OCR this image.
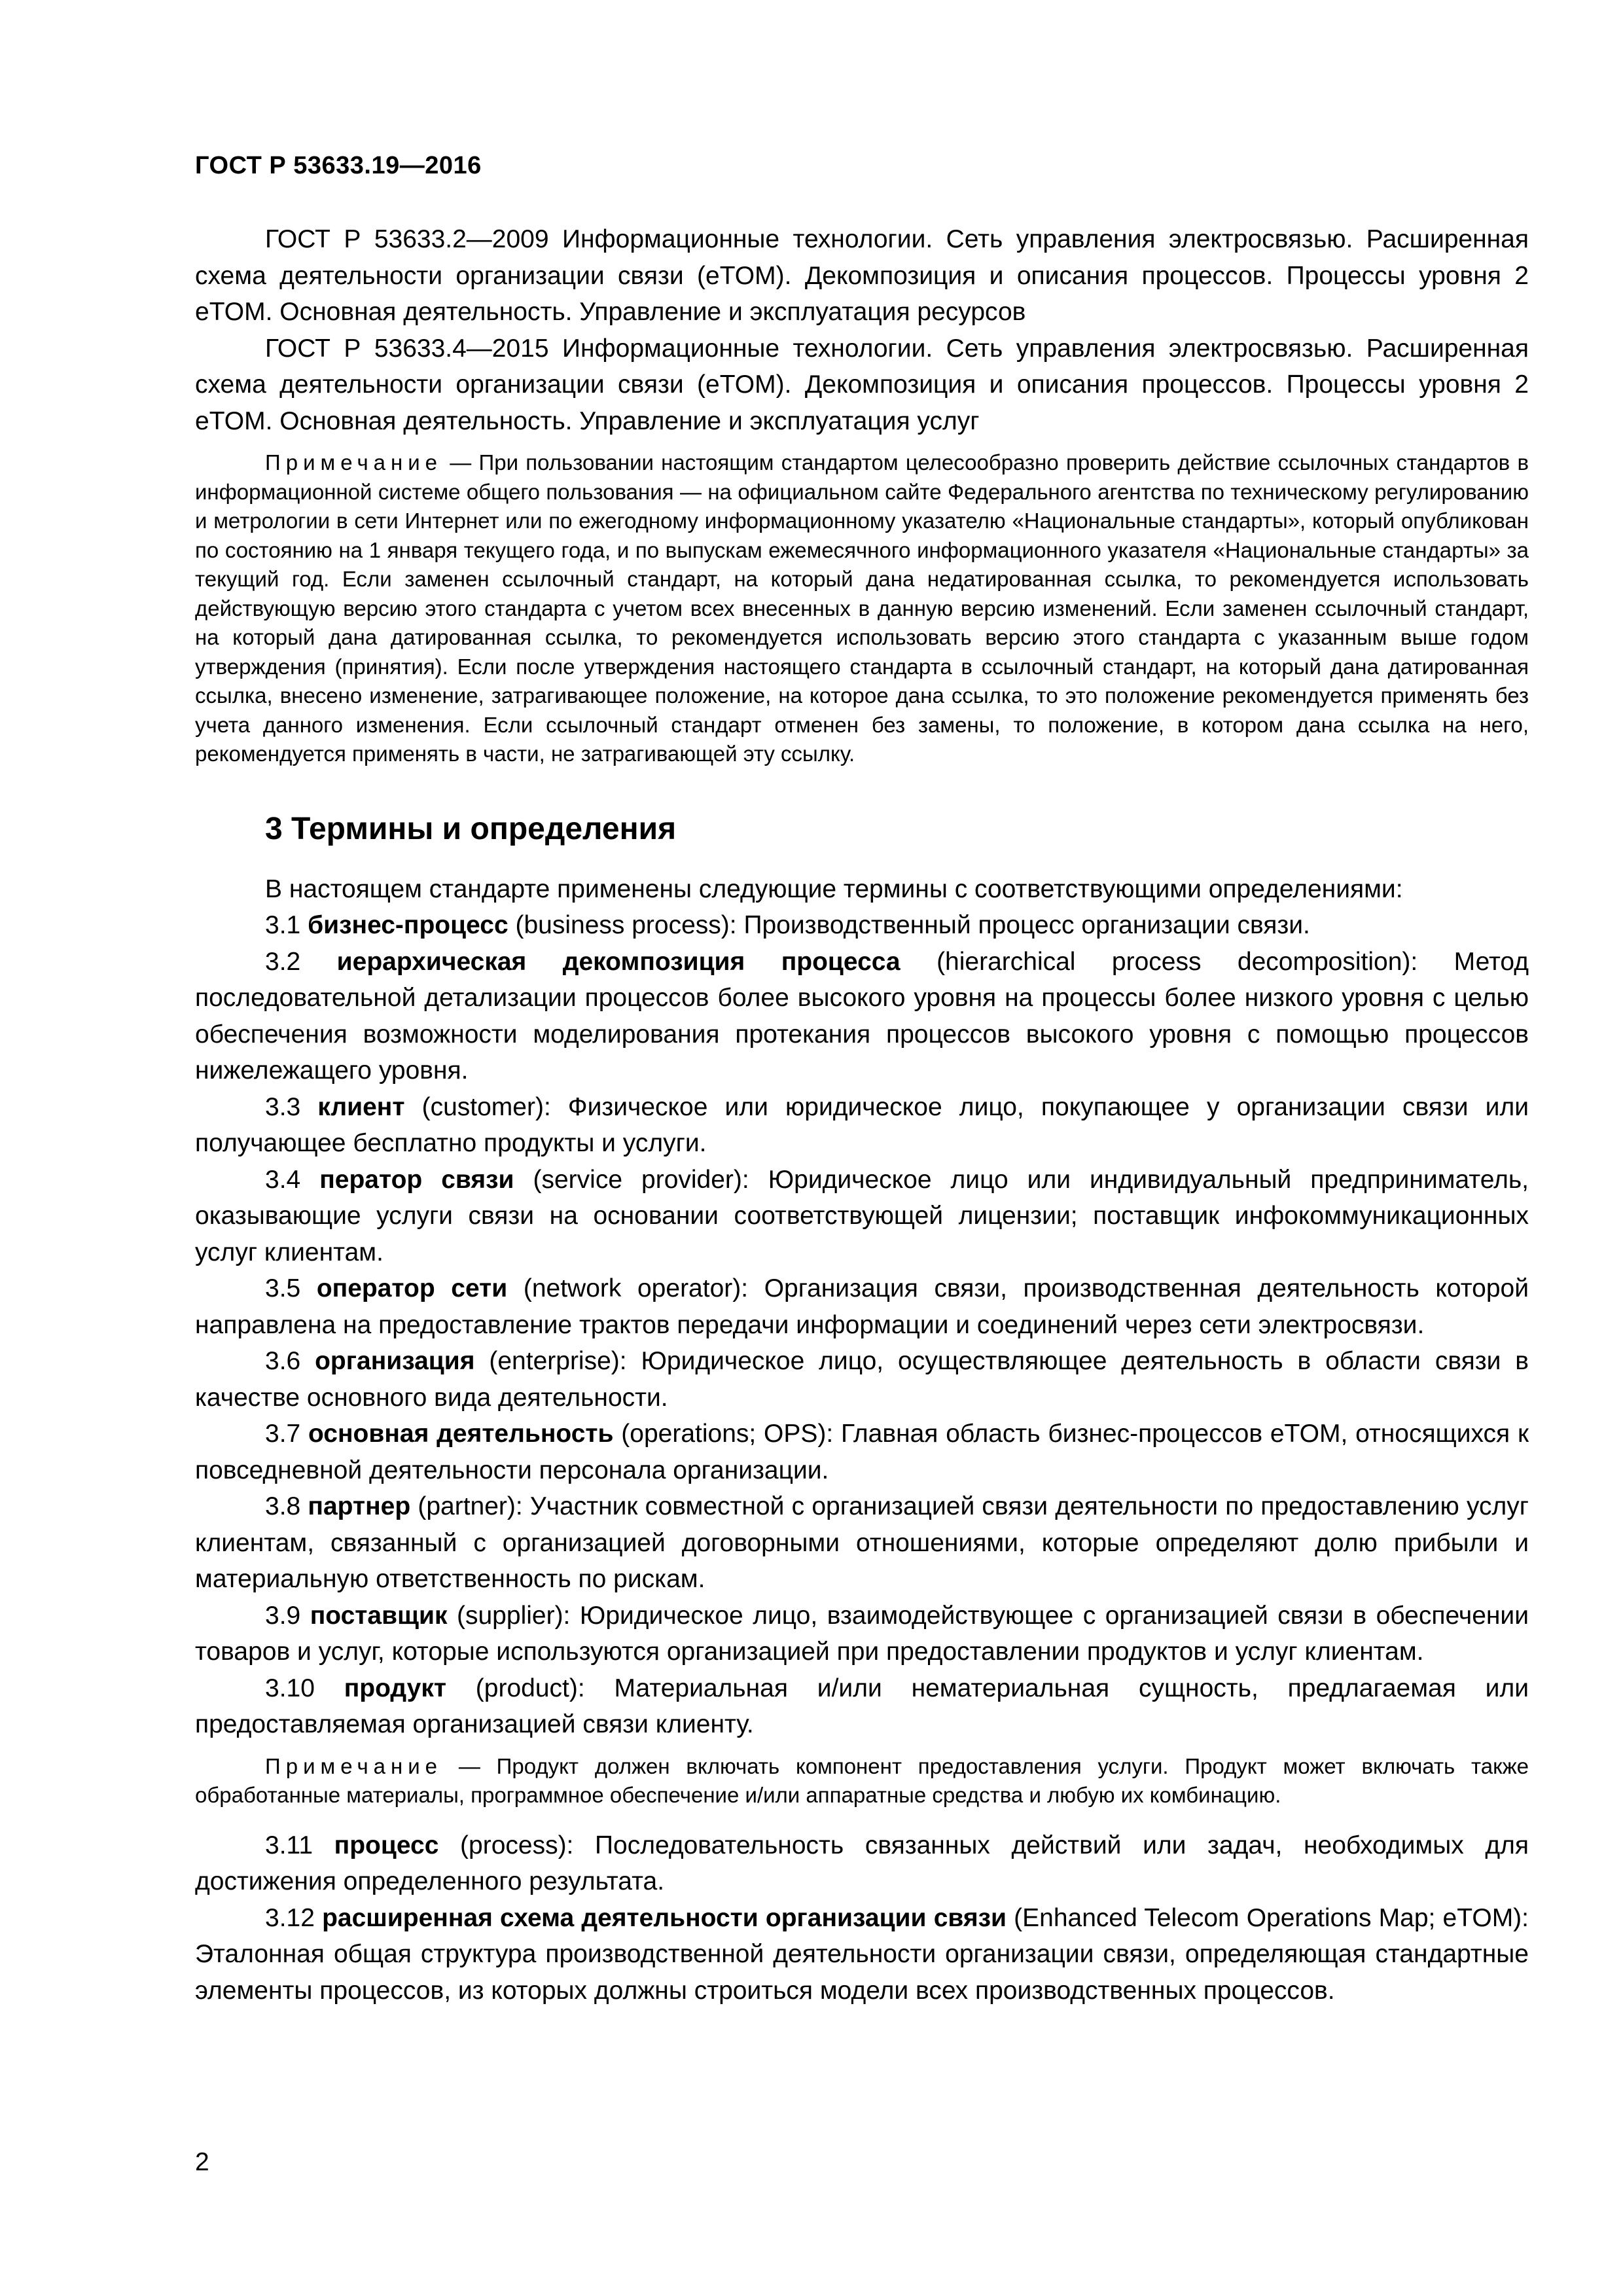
ГОСТ Р 53633.19—2016

ГОСТ Р 53633.2—2009 Информационные технологии. Сеть управления электросвязью. Расширенная схема деятельности организации связи (eTOM). Декомпозиция и описания процессов. Процессы уровня 2 eTOM. Основная деятельность. Управление и эксплуатация ресурсов

ГОСТ Р 53633.4—2015 Информационные технологии. Сеть управления электросвязью. Расширенная схема деятельности организации связи (eTOM). Декомпозиция и описания процессов. Процессы уровня 2 eTOM. Основная деятельность. Управление и эксплуатация услуг

Примечание — При пользовании настоящим стандартом целесообразно проверить действие ссылочных стандартов в информационной системе общего пользования — на официальном сайте Федерального агентства по техническому регулированию и метрологии в сети Интернет или по ежегодному информационному указателю «Национальные стандарты», который опубликован по состоянию на 1 января текущего года, и по выпускам ежемесячного информационного указателя «Национальные стандарты» за текущий год. Если заменен ссылочный стандарт, на который дана недатированная ссылка, то рекомендуется использовать действующую версию этого стандарта с учетом всех внесенных в данную версию изменений. Если заменен ссылочный стандарт, на который дана датированная ссылка, то рекомендуется использовать версию этого стандарта с указанным выше годом утверждения (принятия). Если после утверждения настоящего стандарта в ссылочный стандарт, на который дана датированная ссылка, внесено изменение, затрагивающее положение, на которое дана ссылка, то это положение рекомендуется применять без учета данного изменения. Если ссылочный стандарт отменен без замены, то положение, в котором дана ссылка на него, рекомендуется применять в части, не затрагивающей эту ссылку.

3 Термины и определения

В настоящем стандарте применены следующие термины с соответствующими определениями:

3.1 бизнес-процесс (business process): Производственный процесс организации связи.

3.2 иерархическая декомпозиция процесса (hierarchical process decomposition): Метод последовательной детализации процессов более высокого уровня на процессы более низкого уровня с целью обеспечения возможности моделирования протекания процессов высокого уровня с помощью процессов нижележащего уровня.

3.3 клиент (customer): Физическое или юридическое лицо, покупающее у организации связи или получающее бесплатно продукты и услуги.

3.4 ператор связи (service provider): Юридическое лицо или индивидуальный предприниматель, оказывающие услуги связи на основании соответствующей лицензии; поставщик инфокоммуникационных услуг клиентам.

3.5 оператор сети (network operator): Организация связи, производственная деятельность которой направлена на предоставление трактов передачи информации и соединений через сети электросвязи.

3.6 организация (enterprise): Юридическое лицо, осуществляющее деятельность в области связи в качестве основного вида деятельности.

3.7 основная деятельность (operations; OPS): Главная область бизнес-процессов eTOM, относящихся к повседневной деятельности персонала организации.

3.8 партнер (partner): Участник совместной с организацией связи деятельности по предоставлению услуг клиентам, связанный с организацией договорными отношениями, которые определяют долю прибыли и материальную ответственность по рискам.

3.9 поставщик (supplier): Юридическое лицо, взаимодействующее с организацией связи в обеспечении товаров и услуг, которые используются организацией при предоставлении продуктов и услуг клиентам.

3.10 продукт (product): Материальная и/или нематериальная сущность, предлагаемая или предоставляемая организацией связи клиенту.

Примечание — Продукт должен включать компонент предоставления услуги. Продукт может включать также обработанные материалы, программное обеспечение и/или аппаратные средства и любую их комбинацию.

3.11 процесс (process): Последовательность связанных действий или задач, необходимых для достижения определенного результата.

3.12 расширенная схема деятельности организации связи (Enhanced Telecom Operations Map; eTOM): Эталонная общая структура производственной деятельности организации связи, определяющая стандартные элементы процессов, из которых должны строиться модели всех производственных процессов.

2
